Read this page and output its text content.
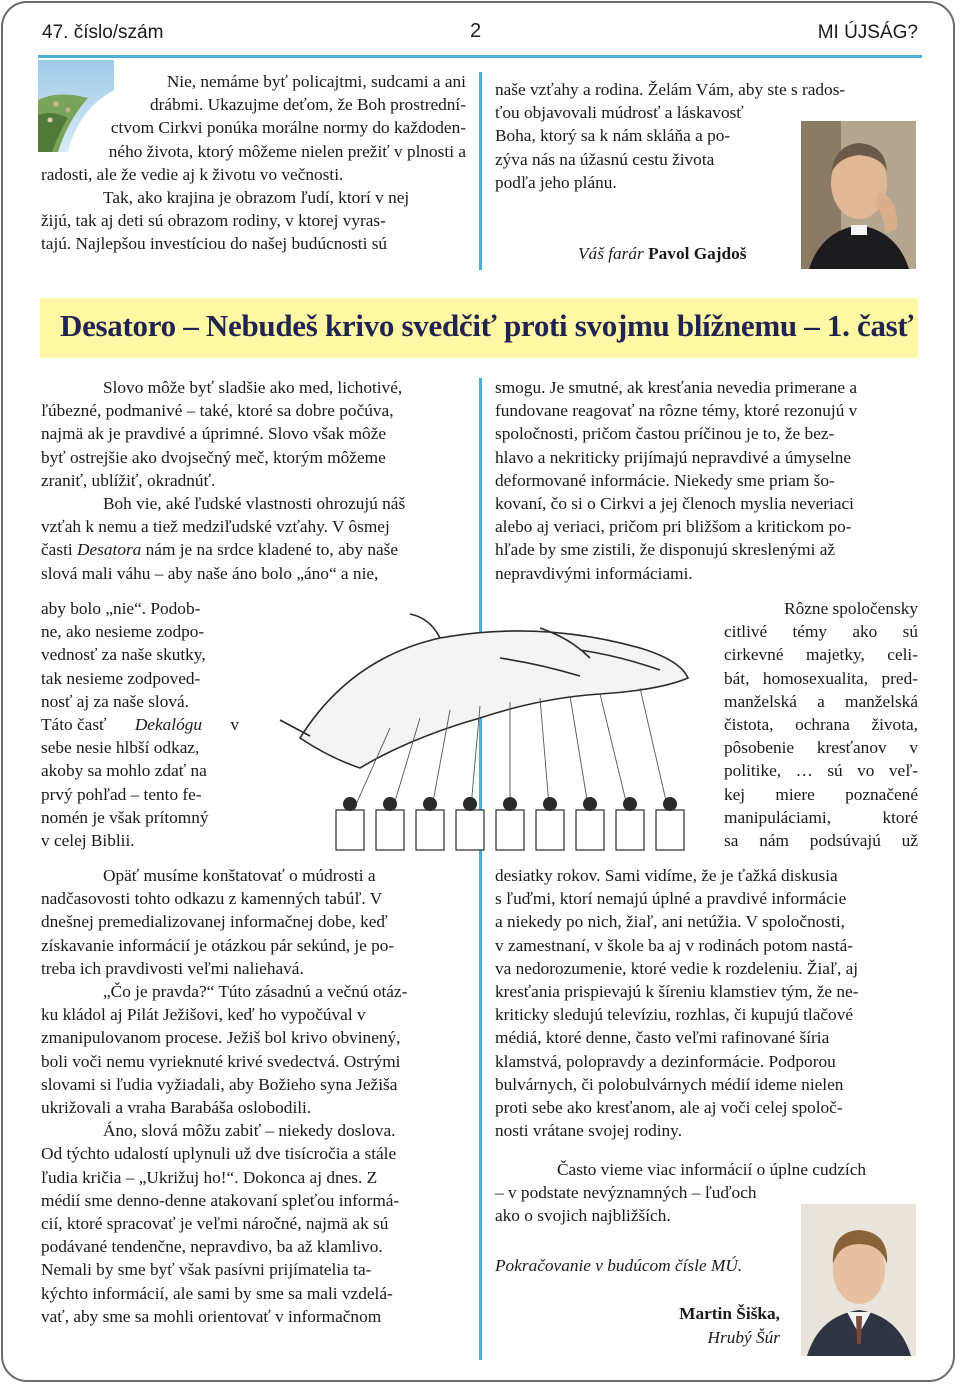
47. číslo/szám	2	MI ÚJSÁG?
Nie, nemáme byť policajtmi, sudcami a ani
drábmi. Ukazujme deťom, že Boh prostrední-
ctvom Cirkvi ponúka morálne normy do každoden-
ného života, ktorý môžeme nielen prežiť v plnosti a
radosti, ale že vedie aj k životu vo večnosti.
Tak, ako krajina je obrazom ľudí, ktorí v nej
žijú, tak aj deti sú obrazom rodiny, v ktorej vyras-
tajú. Najlepšou investíciou do našej budúcnosti sú
naše vzťahy a rodina. Želám Vám, aby ste s rados-
ťou objavovali múdrosť a láskavosť
Boha, ktorý sa k nám skláňa a po-
zýva nás na úžasnú cestu života
podľa jeho plánu.
Váš farár Pavol Gajdoš
Desatoro – Nebudeš krivo svedčiť proti svojmu blížnemu – 1. časť
Slovo môže byť sladšie ako med, lichotivé,
ľúbezné, podmanivé – také, ktoré sa dobre počúva,
najmä ak je pravdivé a úprimné. Slovo však môže
byť ostrejšie ako dvojsečný meč, ktorým môžeme
zraniť, ublížiť, okradnúť.
Boh vie, aké ľudské vlastnosti ohrozujú náš
vzťah k nemu a tiež medziľudské vzťahy. V ôsmej
časti Desatora nám je na srdce kladené to, aby naše
slová mali váhu – aby naše áno bolo „áno“ a nie,
aby bolo „nie“. Podob-
ne, ako nesieme zodpo-
vednosť za naše skutky,
tak nesieme zodpoved-
nosť aj za naše slová.
Táto časť Dekalógu v
sebe nesie hlbší odkaz,
akoby sa mohlo zdať na
prvý pohľad – tento fe-
nomén je však prítomný
v celej Biblii.
Opäť musíme konštatovať o múdrosti a
nadčasovosti tohto odkazu z kamenných tabúľ. V
dnešnej premedializovanej informačnej dobe, keď
získavanie informácií je otázkou pár sekúnd, je po-
treba ich pravdivosti veľmi naliehavá.
„Čo je pravda?“ Túto zásadnú a večnú otáz-
ku kládol aj Pilát Ježišovi, keď ho vypočúval v
zmanipulovanom procese. Ježiš bol krivo obvinený,
boli voči nemu vyrieknuté krivé svedectvá. Ostrými
slovami si ľudia vyžiadali, aby Božieho syna Ježiša
ukrižovali a vraha Barabáša oslobodili.
Áno, slová môžu zabiť – niekedy doslova.
Od týchto udalostí uplynuli už dve tisícročia a stále
ľudia kričia – „Ukrižuj ho!“. Dokonca aj dnes. Z
médií sme denno-denne atakovaní spleťou informá-
cií, ktoré spracovať je veľmi náročné, najmä ak sú
podávané tendenčne, nepravdivo, ba až klamlivo.
Nemali by sme byť však pasívni prijímatelia ta-
kýchto informácií, ale sami by sme sa mali vzdelá-
vať, aby sme sa mohli orientovať v informačnom
smogu. Je smutné, ak kresťania nevedia primerane a
fundovane reagovať na rôzne témy, ktoré rezonujú v
spoločnosti, pričom častou príčinou je to, že bez-
hlavo a nekriticky prijímajú nepravdivé a úmyselne
deformované informácie. Niekedy sme priam šo-
kovaní, čo si o Cirkvi a jej členoch myslia neveriaci
alebo aj veriaci, pričom pri bližšom a kritickom po-
hľade by sme zistili, že disponujú skreslenými až
nepravdivými informáciami.
Rôzne spoločensky
citlivé témy ako sú
cirkevné majetky, celi-
bát, homosexualita, pred-
manželská a manželská
čistota, ochrana života,
pôsobenie kresťanov v
politike, … sú vo veľ-
kej miere poznačené
manipuláciami, ktoré
sa nám podsúvajú už
desiatky rokov. Sami vidíme, že je ťažká diskusia
s ľuďmi, ktorí nemajú úplné a pravdivé informácie
a niekedy po nich, žiaľ, ani netúžia. V spoločnosti,
v zamestnaní, v škole ba aj v rodinách potom nastá-
va nedorozumenie, ktoré vedie k rozdeleniu. Žiaľ, aj
kresťania prispievajú k šíreniu klamstiev tým, že ne-
kriticky sledujú televíziu, rozhlas, či kupujú tlačové
médiá, ktoré denne, často veľmi rafinované šíria
klamstvá, polopravdy a dezinformácie. Podporou
bulvárnych, či polobulvárnych médií ideme nielen
proti sebe ako kresťanom, ale aj voči celej spoloč-
nosti vrátane svojej rodiny.
Často vieme viac informácií o úplne cudzích
– v podstate nevýznamných – ľuďoch
ako o svojich najbližších.
Pokračovanie v budúcom čísle MÚ.
Martin Šiška,
Hrubý Šúr
